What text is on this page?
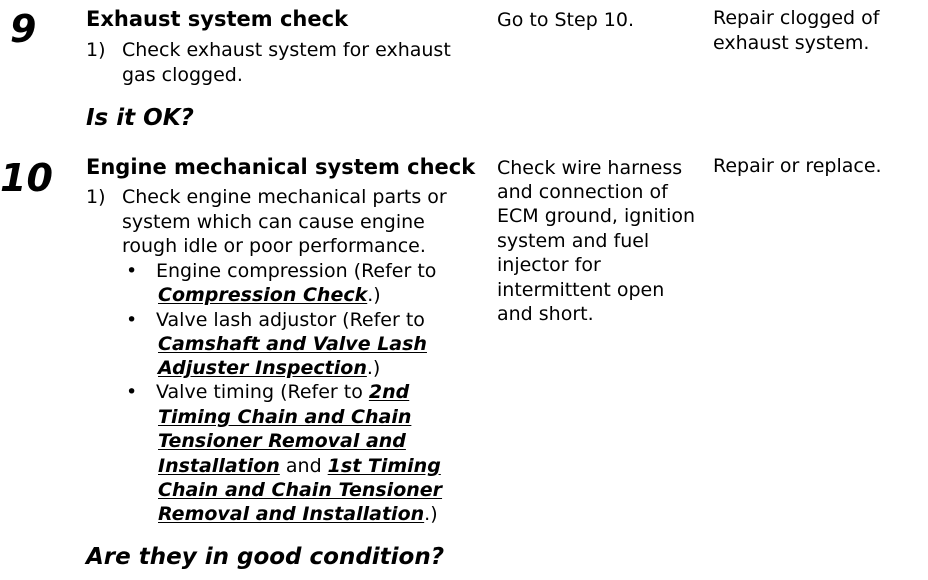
9 Exhaust system check
1) Check exhaust system for exhaust
gas clogged.
Is it OK?
Go to Step 10.	Repair clogged of
exhaust system.
10 Engine mechanical system check
1) Check engine mechanical parts or
system which can cause engine
rough idle or poor performance.
• Engine compression (Refer to
Compression Check.)
• Valve lash adjustor (Refer to
Camshaft and Valve Lash
Adjuster Inspection.)
• Valve timing (Refer to 2nd
Timing Chain and Chain
Tensioner Removal and
Installation and 1st Timing
Chain and Chain Tensioner
Removal and Installation.)
Are they in good condition?
Check wire harness
and connection of
ECM ground, ignition
system and fuel
injector for
intermittent open
and short.
Repair or replace.
